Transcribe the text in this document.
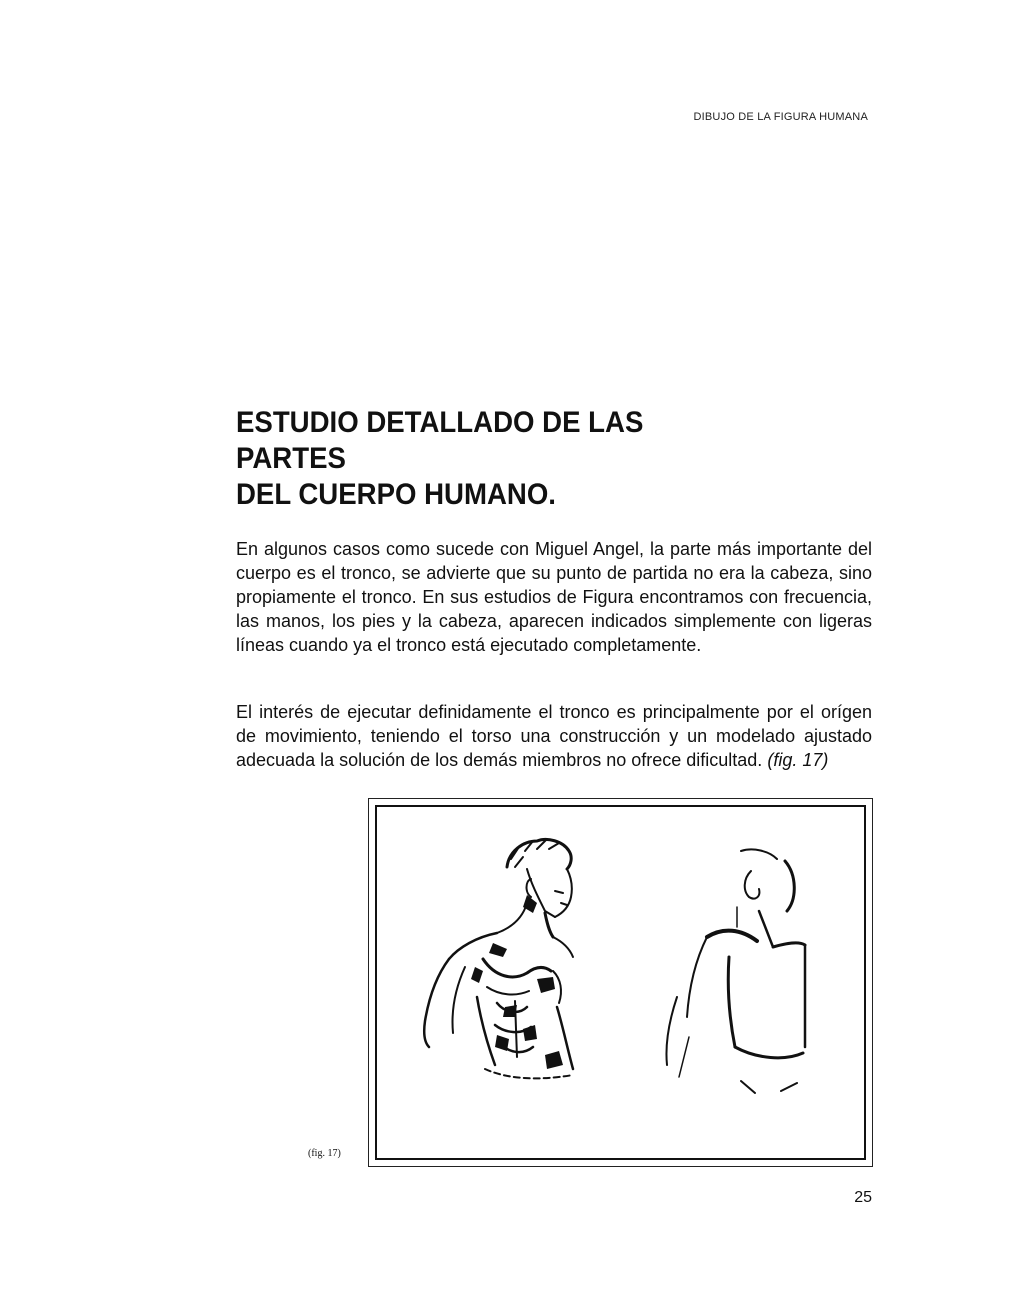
DIBUJO DE LA FIGURA HUMANA
ESTUDIO DETALLADO DE LAS PARTES
DEL CUERPO HUMANO.

En algunos casos como sucede con Miguel Angel, la parte más importante del cuerpo es el tronco, se advierte que su punto de partida no era la cabeza, sino propiamente el tronco. En sus estudios de Figura encontramos con frecuencia, las manos, los pies y la cabeza, aparecen indicados simplemente con ligeras líneas cuando ya el tronco está ejecutado completamente.

El interés de ejecutar definidamente el tronco es principalmente por el orígen de movimiento, teniendo el torso una construcción y un modelado ajustado adecuada la solución de los demás miembros no ofrece dificultad. (fig. 17)

(fig. 17)
25
